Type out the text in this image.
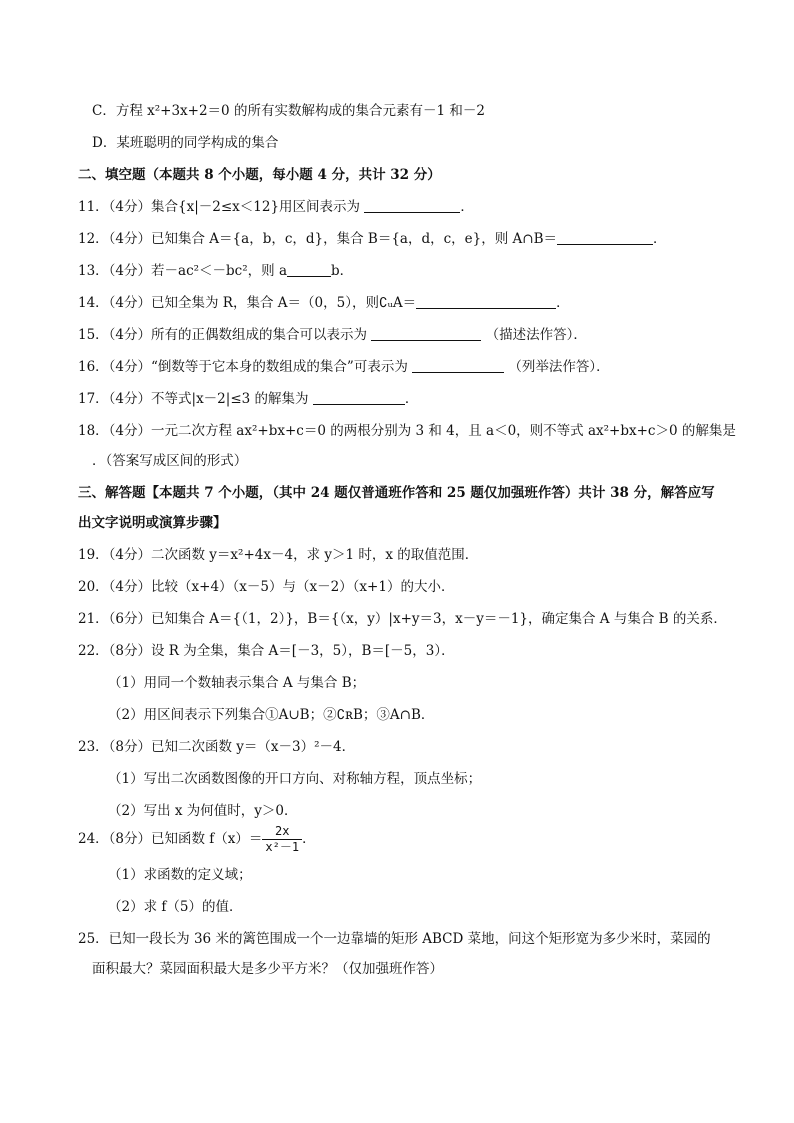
C．方程 x²+3x+2＝0 的所有实数解构成的集合元素有－1 和－2
D．某班聪明的同学构成的集合
二、填空题（本题共 8 个小题，每小题 4 分，共计 32 分）
11．（4分）集合{x|－2≤x＜12}用区间表示为	．
12．（4分）已知集合 A＝{a，b，c，d}，集合 B＝{a，d，c，e}，则 A∩B＝	．
13．（4分）若－ac²＜－bc²，则 a	b．
14．（4分）已知全集为 R，集合 A＝（0，5），则∁ᵤA＝	．
15．（4分）所有的正偶数组成的集合可以表示为	（描述法作答）．
16．（4分）“倒数等于它本身的数组成的集合”可表示为	（列举法作答）．
17．（4分）不等式|x－2|≤3 的解集为	．
18．（4分）一元二次方程 ax²+bx+c＝0 的两根分别为 3 和 4，且 a＜0，则不等式 ax²+bx+c＞0 的解集是
．（答案写成区间的形式）
三、解答题【本题共 7 个小题，（其中 24 题仅普通班作答和 25 题仅加强班作答）共计 38 分，解答应写
出文字说明或演算步骤】
19．（4分）二次函数 y＝x²+4x－4，求 y＞1 时，x 的取值范围．
20．（4分）比较（x+4）（x－5）与（x－2）（x+1）的大小．
21．（6分）已知集合 A＝{（1，2）}，B＝{（x，y）|x+y＝3，x－y＝－1}，确定集合 A 与集合 B 的关系．
22．（8分）设 R 为全集，集合 A＝[－3，5），B＝[－5，3）．
（1）用同一个数轴表示集合 A 与集合 B；
（2）用区间表示下列集合①A∪B；②∁ʀB；③A∩B．
23．（8分）已知二次函数 y＝（x－3）²－4．
（1）写出二次函数图像的开口方向、对称轴方程，顶点坐标；
（2）写出 x 为何值时，y＞0．
24．（8分）已知函数 $f(x)= \frac{2x}{\text{x²－1}}$ ．
（1）求函数的定义域；
（2）求 f（5）的值．
25．已知一段长为 36 米的篱笆围成一个一边靠墙的矩形 ABCD 菜地，问这个矩形宽为多少米时，菜园的
面积最大？菜园面积最大是多少平方米？（仅加强班作答）
